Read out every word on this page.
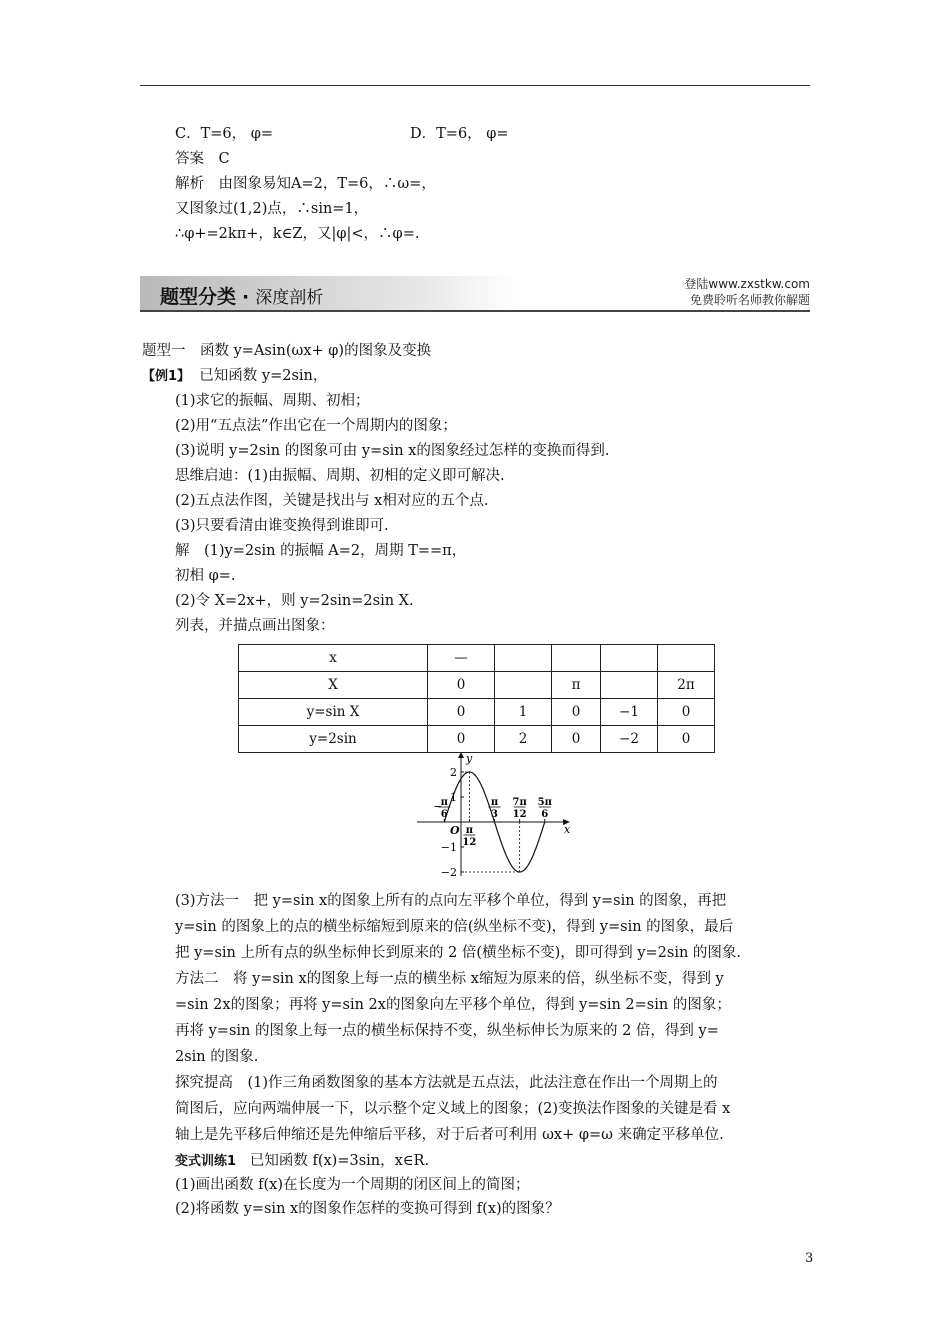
C．T=6， φ=	D．T=6， φ=
答案　C
解析　由图象易知A=2，T=6，∴ω=，
又图象过(1,2)点，∴sin=1，
∴φ+=2kπ+，k∈Z，又|φ|<，∴φ=.
题型分类 · 深度剖析
登陆www.zxstkw.com
免费聆听名师教你解题
题型一　函数 y=Asin(ωx+ φ)的图象及变换
【例1】 已知函数 y=2sin，
(1)求它的振幅、周期、初相；
(2)用“五点法”作出它在一个周期内的图象；
(3)说明 y=2sin 的图象可由 y=sin x的图象经过怎样的变换而得到.
思维启迪：(1)由振幅、周期、初相的定义即可解决.
(2)五点法作图，关键是找出与 x相对应的五个点.
(3)只要看清由谁变换得到谁即可.
解　(1)y=2sin 的振幅 A=2，周期 T==π，
初相 φ=.
(2)令 X=2x+，则 y=2sin=2sin X.
列表，并描点画出图象：
x	—				
X	0		π		2π
y=sin X	0	1	0	−1	0
y=2sin	0	2	0	−2	0
y
x
O
2
1
−1
−2
−
π
6
π
12
π
3
7π
12
5π
6
(3)方法一　把 y=sin x的图象上所有的点向左平移个单位，得到 y=sin 的图象，再把
y=sin 的图象上的点的横坐标缩短到原来的倍(纵坐标不变)，得到 y=sin 的图象，最后
把 y=sin 上所有点的纵坐标伸长到原来的 2 倍(横坐标不变)，即可得到 y=2sin 的图象.
方法二　将 y=sin x的图象上每一点的横坐标 x缩短为原来的倍，纵坐标不变，得到 y
=sin 2x的图象；再将 y=sin 2x的图象向左平移个单位，得到 y=sin 2=sin 的图象；
再将 y=sin 的图象上每一点的横坐标保持不变，纵坐标伸长为原来的 2 倍，得到 y=
2sin 的图象.
探究提高　(1)作三角函数图象的基本方法就是五点法，此法注意在作出一个周期上的
简图后，应向两端伸展一下，以示整个定义域上的图象；(2)变换法作图象的关键是看 x
轴上是先平移后伸缩还是先伸缩后平移，对于后者可利用 ωx+ φ=ω 来确定平移单位.
变式训练1 已知函数 f(x)=3sin，x∈R.
(1)画出函数 f(x)在长度为一个周期的闭区间上的简图；
(2)将函数 y=sin x的图象作怎样的变换可得到 f(x)的图象？
3
